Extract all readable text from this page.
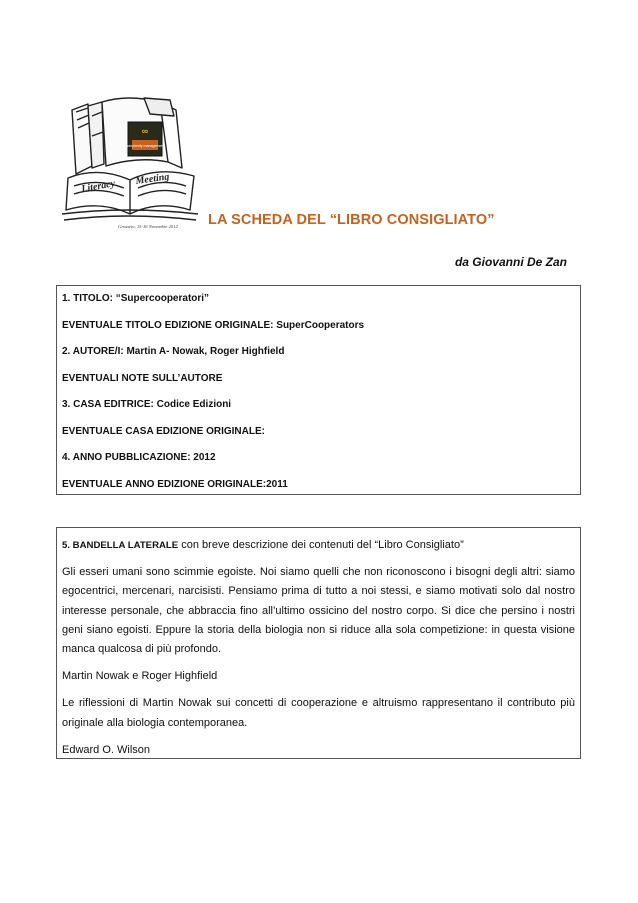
∞
complexity management
Literacy Meeting
Grosseto, 15-16 Novembre 2012 LA SCHEDA DEL “LIBRO CONSIGLIATO”
da Giovanni De Zan
1. TITOLO: “Supercooperatori”
EVENTUALE TITOLO EDIZIONE ORIGINALE: SuperCooperators
2. AUTORE/I: Martin A- Nowak, Roger Highfield
EVENTUALI NOTE SULL’AUTORE
3. CASA EDITRICE: Codice Edizioni
EVENTUALE CASA EDIZIONE ORIGINALE:
4. ANNO PUBBLICAZIONE: 2012
EVENTUALE ANNO EDIZIONE ORIGINALE:2011

5. BANDELLA LATERALE con breve descrizione dei contenuti del “Libro Consigliato”

Gli esseri umani sono scimmie egoiste. Noi siamo quelli che non riconoscono i bisogni degli altri: siamo egocentrici, mercenari, narcisisti. Pensiamo prima di tutto a noi stessi, e siamo motivati solo dal nostro interesse personale, che abbraccia fino all’ultimo ossicino del nostro corpo. Si dice che persino i nostri geni siano egoisti. Eppure la storia della biologia non si riduce alla sola competizione: in questa visione manca qualcosa di più profondo.

Martin Nowak e Roger Highfield

Le riflessioni di Martin Nowak sui concetti di cooperazione e altruismo rappresentano il contributo più originale alla biologia contemporanea.

Edward O. Wilson
